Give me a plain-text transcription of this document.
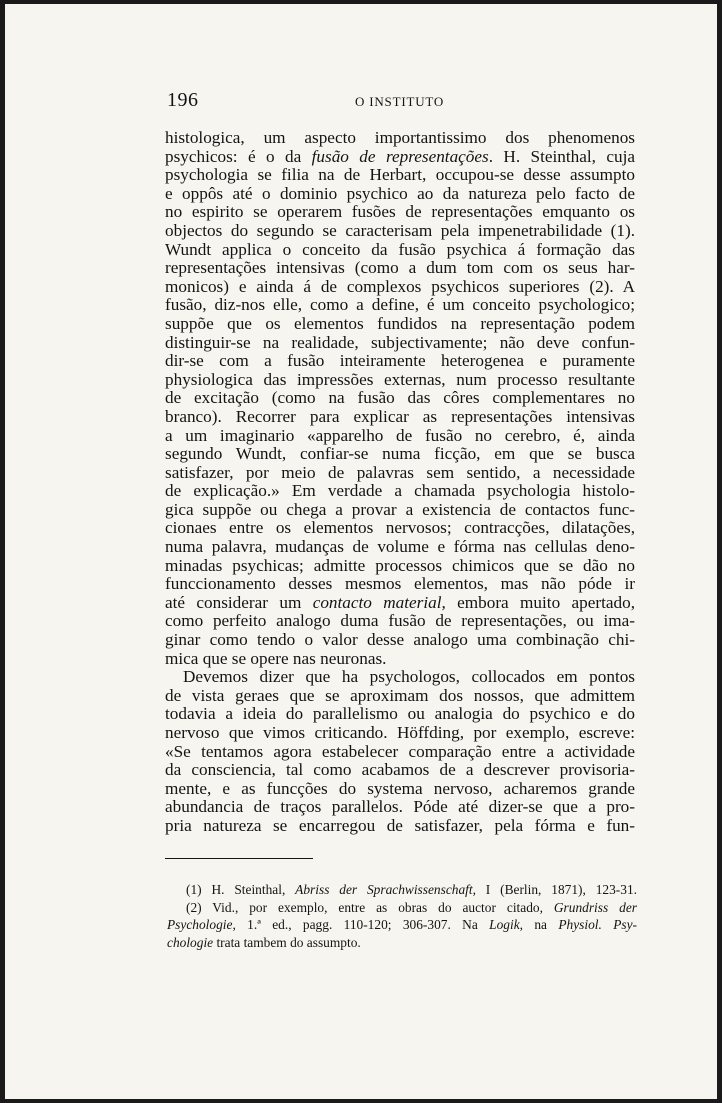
196	O INSTITUTO
histologica, um aspecto importantissimo dos phenomenos
psychicos: é o da fusão de representações. H. Steinthal, cuja
psychologia se filia na de Herbart, occupou-se desse assumpto
e oppôs até o dominio psychico ao da natureza pelo facto de
no espirito se operarem fusões de representações emquanto os
objectos do segundo se caracterisam pela impenetrabilidade (1).
Wundt applica o conceito da fusão psychica á formação das
representações intensivas (como a dum tom com os seus har-
monicos) e ainda á de complexos psychicos superiores (2). A
fusão, diz-nos elle, como a define, é um conceito psychologico;
suppõe que os elementos fundidos na representação podem
distinguir-se na realidade, subjectivamente; não deve confun-
dir-se com a fusão inteiramente heterogenea e puramente
physiologica das impressões externas, num processo resultante
de excitação (como na fusão das côres complementares no
branco). Recorrer para explicar as representações intensivas
a um imaginario «apparelho de fusão no cerebro, é, ainda
segundo Wundt, confiar-se numa ficção, em que se busca
satisfazer, por meio de palavras sem sentido, a necessidade
de explicação.» Em verdade a chamada psychologia histolo-
gica suppõe ou chega a provar a existencia de contactos func-
cionaes entre os elementos nervosos; contracções, dilatações,
numa palavra, mudanças de volume e fórma nas cellulas deno-
minadas psychicas; admitte processos chimicos que se dão no
funccionamento desses mesmos elementos, mas não póde ir
até considerar um contacto material, embora muito apertado,
como perfeito analogo duma fusão de representações, ou ima-
ginar como tendo o valor desse analogo uma combinação chi-
mica que se opere nas neuronas.
Devemos dizer que ha psychologos, collocados em pontos
de vista geraes que se aproximam dos nossos, que admittem
todavia a ideia do parallelismo ou analogia do psychico e do
nervoso que vimos criticando. Höffding, por exemplo, escreve:
«Se tentamos agora estabelecer comparação entre a actividade
da consciencia, tal como acabamos de a descrever provisoria-
mente, e as funcções do systema nervoso, acharemos grande
abundancia de traços parallelos. Póde até dizer-se que a pro-
pria natureza se encarregou de satisfazer, pela fórma e fun-
(1) H. Steinthal, Abriss der Sprachwissenschaft, I (Berlin, 1871), 123-31.
(2) Vid., por exemplo, entre as obras do auctor citado, Grundriss der
Psychologie, 1.ª ed., pagg. 110-120; 306-307. Na Logik, na Physiol. Psy-
chologie trata tambem do assumpto.
